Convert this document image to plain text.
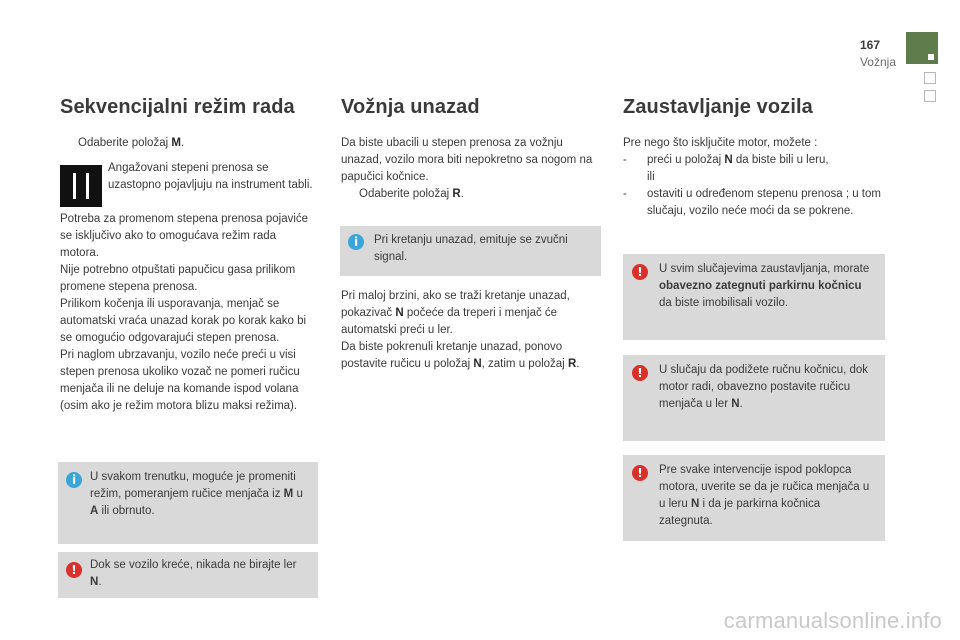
167
Vožnja
Sekvencijalni režim rada
Odaberite položaj M.
Angažovani stepeni prenosa se uzastopno pojavljuju na instrument tabli.
Potreba za promenom stepena prenosa pojaviće se isključivo ako to omogućava režim rada motora.
Nije potrebno otpuštati papučicu gasa prilikom promene stepena prenosa.
Prilikom kočenja ili usporavanja, menjač se automatski vraća unazad korak po korak kako bi se omogućio odgovarajući stepen prenosa.
Pri naglom ubrzavanju, vozilo neće preći u visi stepen prenosa ukoliko vozač ne pomeri ručicu menjača ili ne deluje na komande ispod volana (osim ako je režim motora blizu maksi režima).
i	U svakom trenutku, moguće je promeniti režim, pomeranjem ručice menjača iz M u A ili obrnuto.
!	Dok se vozilo kreće, nikada ne birajte ler N.
Vožnja unazad
Da biste ubacili u stepen prenosa za vožnju unazad, vozilo mora biti nepokretno sa nogom na papučici kočnice.
Odaberite položaj R.
i	Pri kretanju unazad, emituje se zvučni signal.
Pri maloj brzini, ako se traži kretanje unazad, pokazivač N počeće da treperi i menjač će automatski preći u ler.
Da biste pokrenuli kretanje unazad, ponovo postavite ručicu u položaj N, zatim u položaj R.
Zaustavljanje vozila
Pre nego što isključite motor, možete :
- preći u položaj N da biste bili u leru,
ili
- ostaviti u određenom stepenu prenosa ; u tom slučaju, vozilo neće moći da se pokrene.
!	U svim slučajevima zaustavljanja, morate obavezno zategnuti parkirnu kočnicu da biste imobilisali vozilo.
!	U slučaju da podižete ručnu kočnicu, dok motor radi, obavezno postavite ručicu menjača u ler N.
!	Pre svake intervencije ispod poklopca motora, uverite se da je ručica menjača u u leru N i da je parkirna kočnica zategnuta.
carmanualsonline.info
